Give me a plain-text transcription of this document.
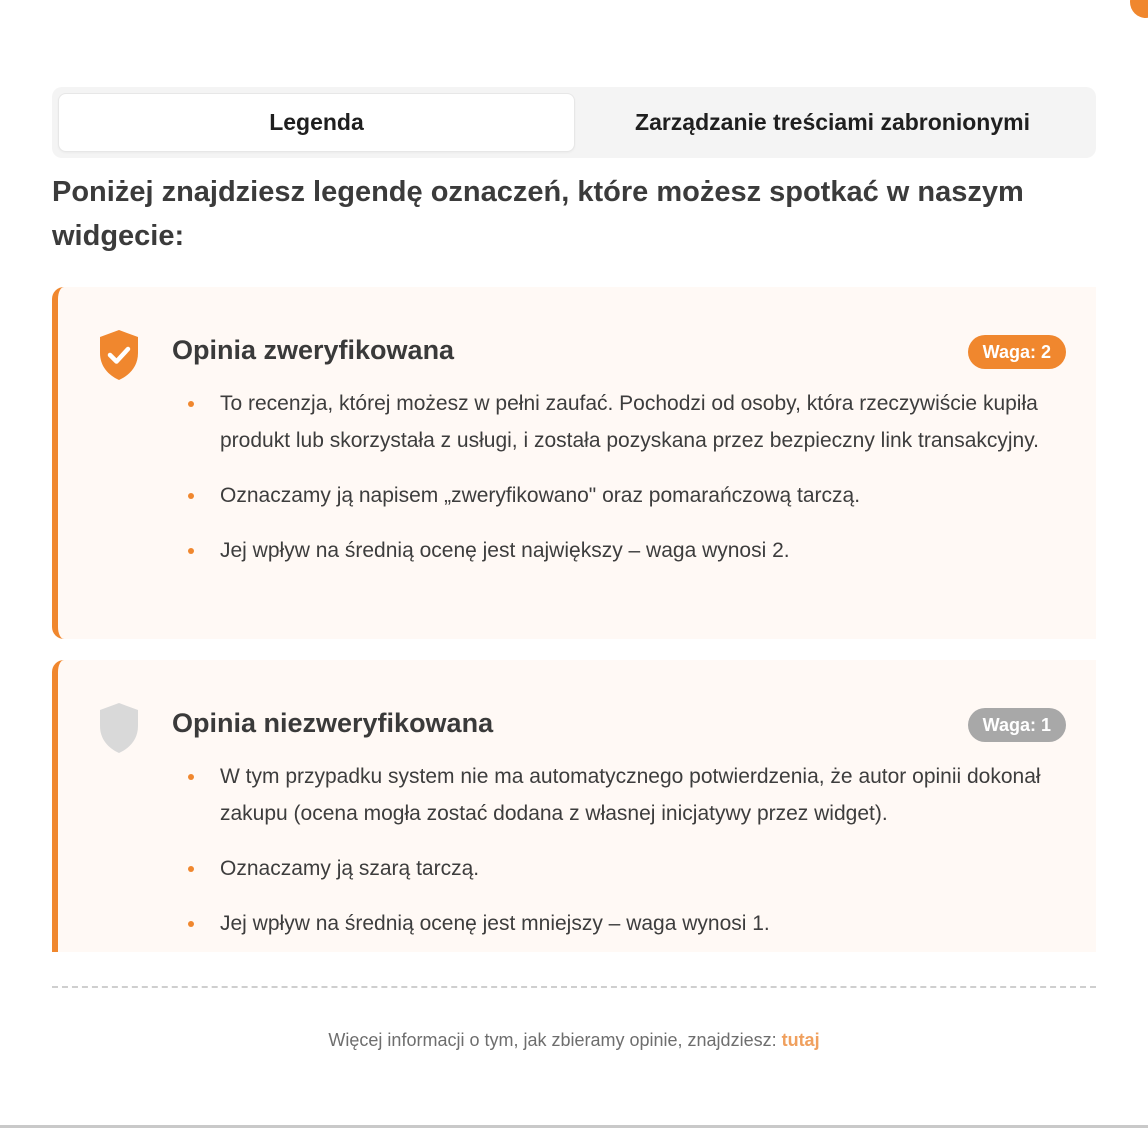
Legenda	Zarządzanie treściami zabronionymi
Poniżej znajdziesz legendę oznaczeń, które możesz spotkać w naszym widgecie:
Opinia zweryfikowana	Waga: 2
To recenzja, której możesz w pełni zaufać. Pochodzi od osoby, która rzeczywiście kupiła produkt lub skorzystała z usługi, i została pozyskana przez bezpieczny link transakcyjny.
Oznaczamy ją napisem „zweryfikowano" oraz pomarańczową tarczą.
Jej wpływ na średnią ocenę jest największy – waga wynosi 2.
Opinia niezweryfikowana	Waga: 1
W tym przypadku system nie ma automatycznego potwierdzenia, że autor opinii dokonał zakupu (ocena mogła zostać dodana z własnej inicjatywy przez widget).
Oznaczamy ją szarą tarczą.
Jej wpływ na średnią ocenę jest mniejszy – waga wynosi 1.
Więcej informacji o tym, jak zbieramy opinie, znajdziesz: tutaj
